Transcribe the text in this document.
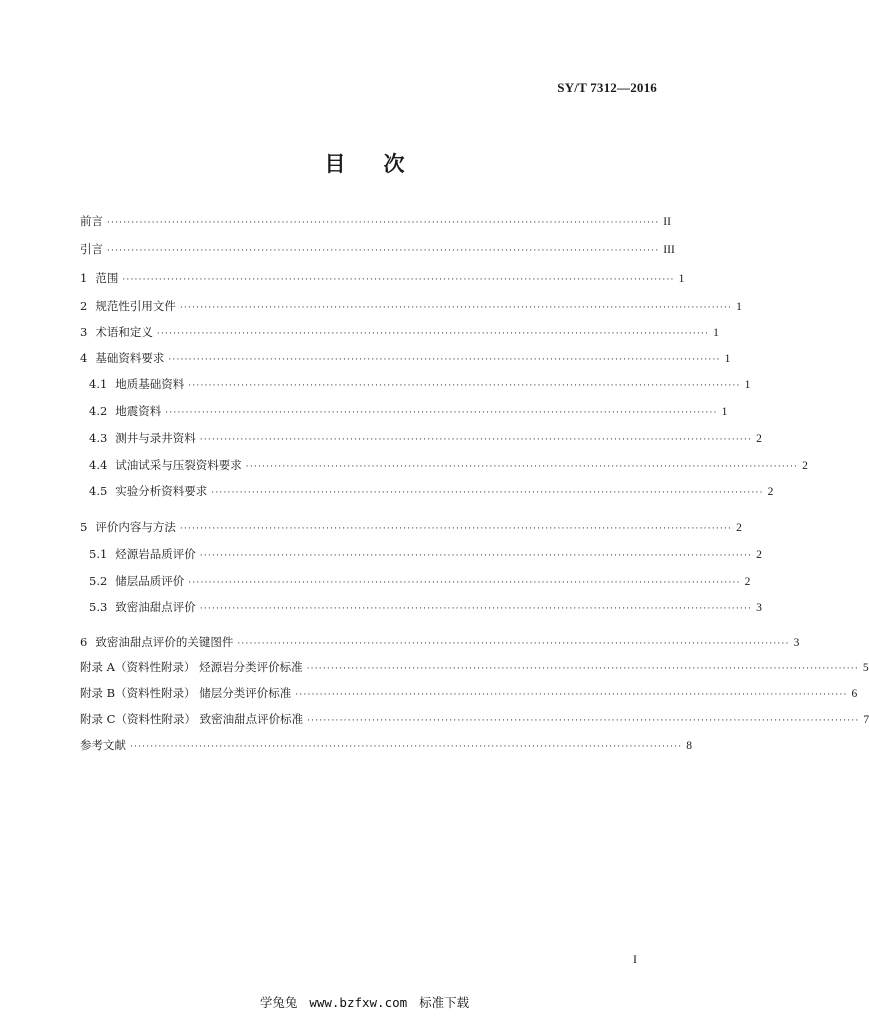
SY/T 7312—2016
目 次
前言 ········································································································································ II
引言 ········································································································································ III
1 范围 ········································································································································ 1
2 规范性引用文件 ········································································································································ 1
3 术语和定义 ········································································································································ 1
4 基础资料要求 ········································································································································ 1
4.1 地质基础资料 ········································································································································ 1
4.2 地震资料 ········································································································································ 1
4.3 测井与录井资料 ········································································································································ 2
4.4 试油试采与压裂资料要求 ········································································································································ 2
4.5 实验分析资料要求 ········································································································································ 2
5 评价内容与方法 ········································································································································ 2
5.1 烃源岩品质评价 ········································································································································ 2
5.2 储层品质评价 ········································································································································ 2
5.3 致密油甜点评价 ········································································································································ 3
6 致密油甜点评价的关键图件 ········································································································································ 3
附录 A（资料性附录） 烃源岩分类评价标准 ········································································································································ 5
附录 B（资料性附录） 储层分类评价标准 ········································································································································ 6
附录 C（资料性附录） 致密油甜点评价标准 ········································································································································ 7
参考文献 ········································································································································ 8
I
学兔兔 www.bzfxw.com 标准下载
